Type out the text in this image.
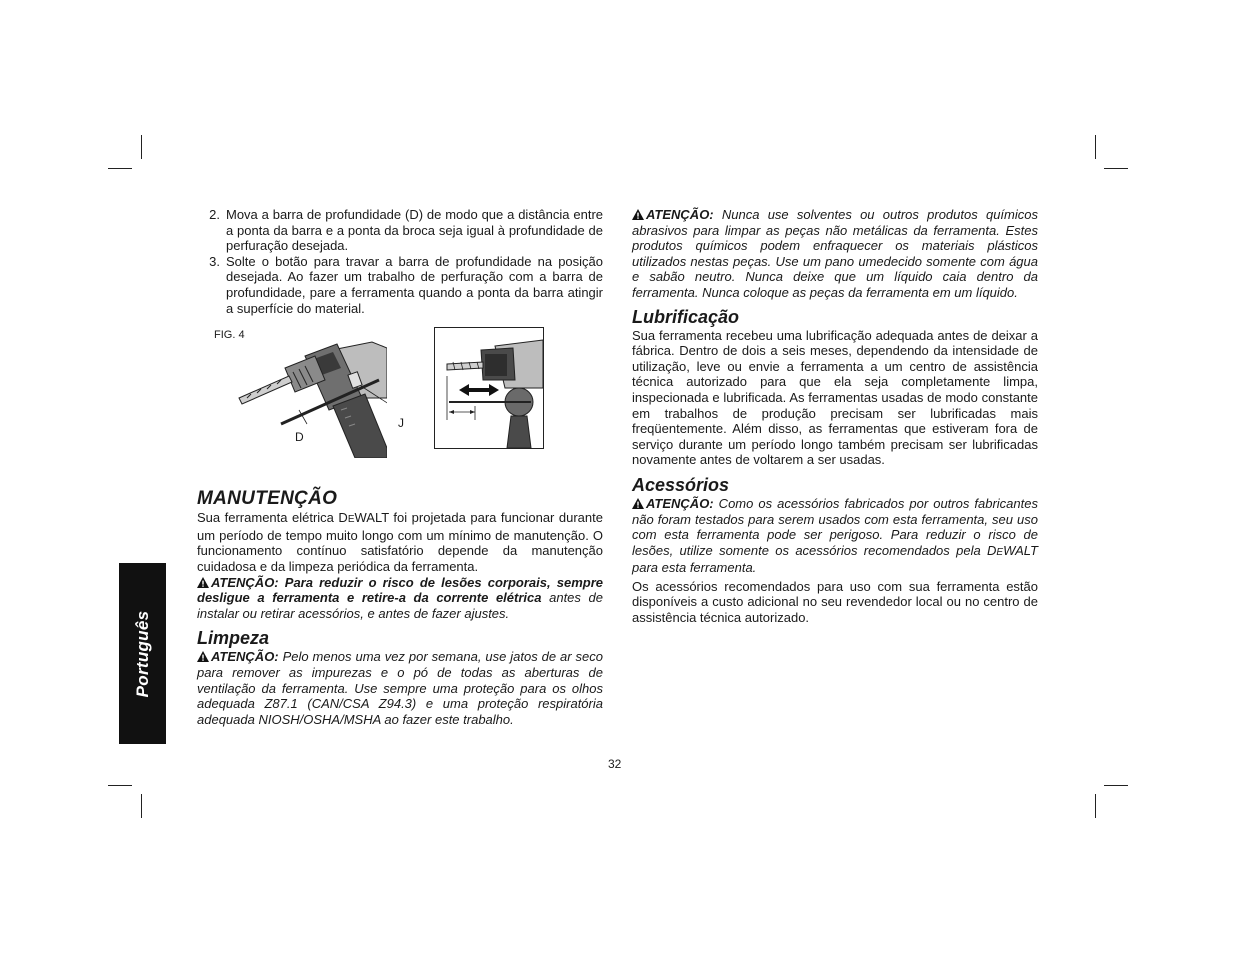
2. Mova a barra de profundidade (D) de modo que a distância entre a ponta da barra e a ponta da broca seja igual à profundidade de perfuração desejada.
3. Solte o botão para travar a barra de profundidade na posição desejada. Ao fazer um trabalho de perfuração com a barra de profundidade, pare a ferramenta quando a ponta da barra atingir a superfície do material.
FIG. 4
D
J
MANUTENÇÃO

Sua ferramenta elétrica DEWALT foi projetada para funcionar durante um período de tempo muito longo com um mínimo de manutenção. O funcionamento contínuo satisfatório depende da manutenção cuidadosa e da limpeza periódica da ferramenta.

ATENÇÃO: Para reduzir o risco de lesões corporais, sempre desligue a ferramenta e retire-a da corrente elétrica antes de instalar ou retirar acessórios, e antes de fazer ajustes.

Limpeza

ATENÇÃO: Pelo menos uma vez por semana, use jatos de ar seco para remover as impurezas e o pó de todas as aberturas de ventilação da ferramenta. Use sempre uma proteção para os olhos adequada Z87.1 (CAN/CSA Z94.3) e uma proteção respiratória adequada NIOSH/OSHA/MSHA ao fazer este trabalho.

ATENÇÃO: Nunca use solventes ou outros produtos químicos abrasivos para limpar as peças não metálicas da ferramenta. Estes produtos químicos podem enfraquecer os materiais plásticos utilizados nestas peças. Use um pano umedecido somente com água e sabão neutro. Nunca deixe que um líquido caia dentro da ferramenta. Nunca coloque as peças da ferramenta em um líquido.

Lubrificação

Sua ferramenta recebeu uma lubrificação adequada antes de deixar a fábrica. Dentro de dois a seis meses, dependendo da intensidade de utilização, leve ou envie a ferramenta a um centro de assistência técnica autorizado para que ela seja completamente limpa, inspecionada e lubrificada. As ferramentas usadas de modo constante em trabalhos de produção precisam ser lubrificadas mais freqüentemente. Além disso, as ferramentas que estiveram fora de serviço durante um período longo também precisam ser lubrificadas novamente antes de voltarem a ser usadas.

Acessórios

ATENÇÃO: Como os acessórios fabricados por outros fabricantes não foram testados para serem usados com esta ferramenta, seu uso com esta ferramenta pode ser perigoso. Para reduzir o risco de lesões, utilize somente os acessórios recomendados pela DEWALT para esta ferramenta.

Os acessórios recomendados para uso com sua ferramenta estão disponíveis a custo adicional no seu revendedor local ou no centro de assistência técnica autorizado.

Português
32
